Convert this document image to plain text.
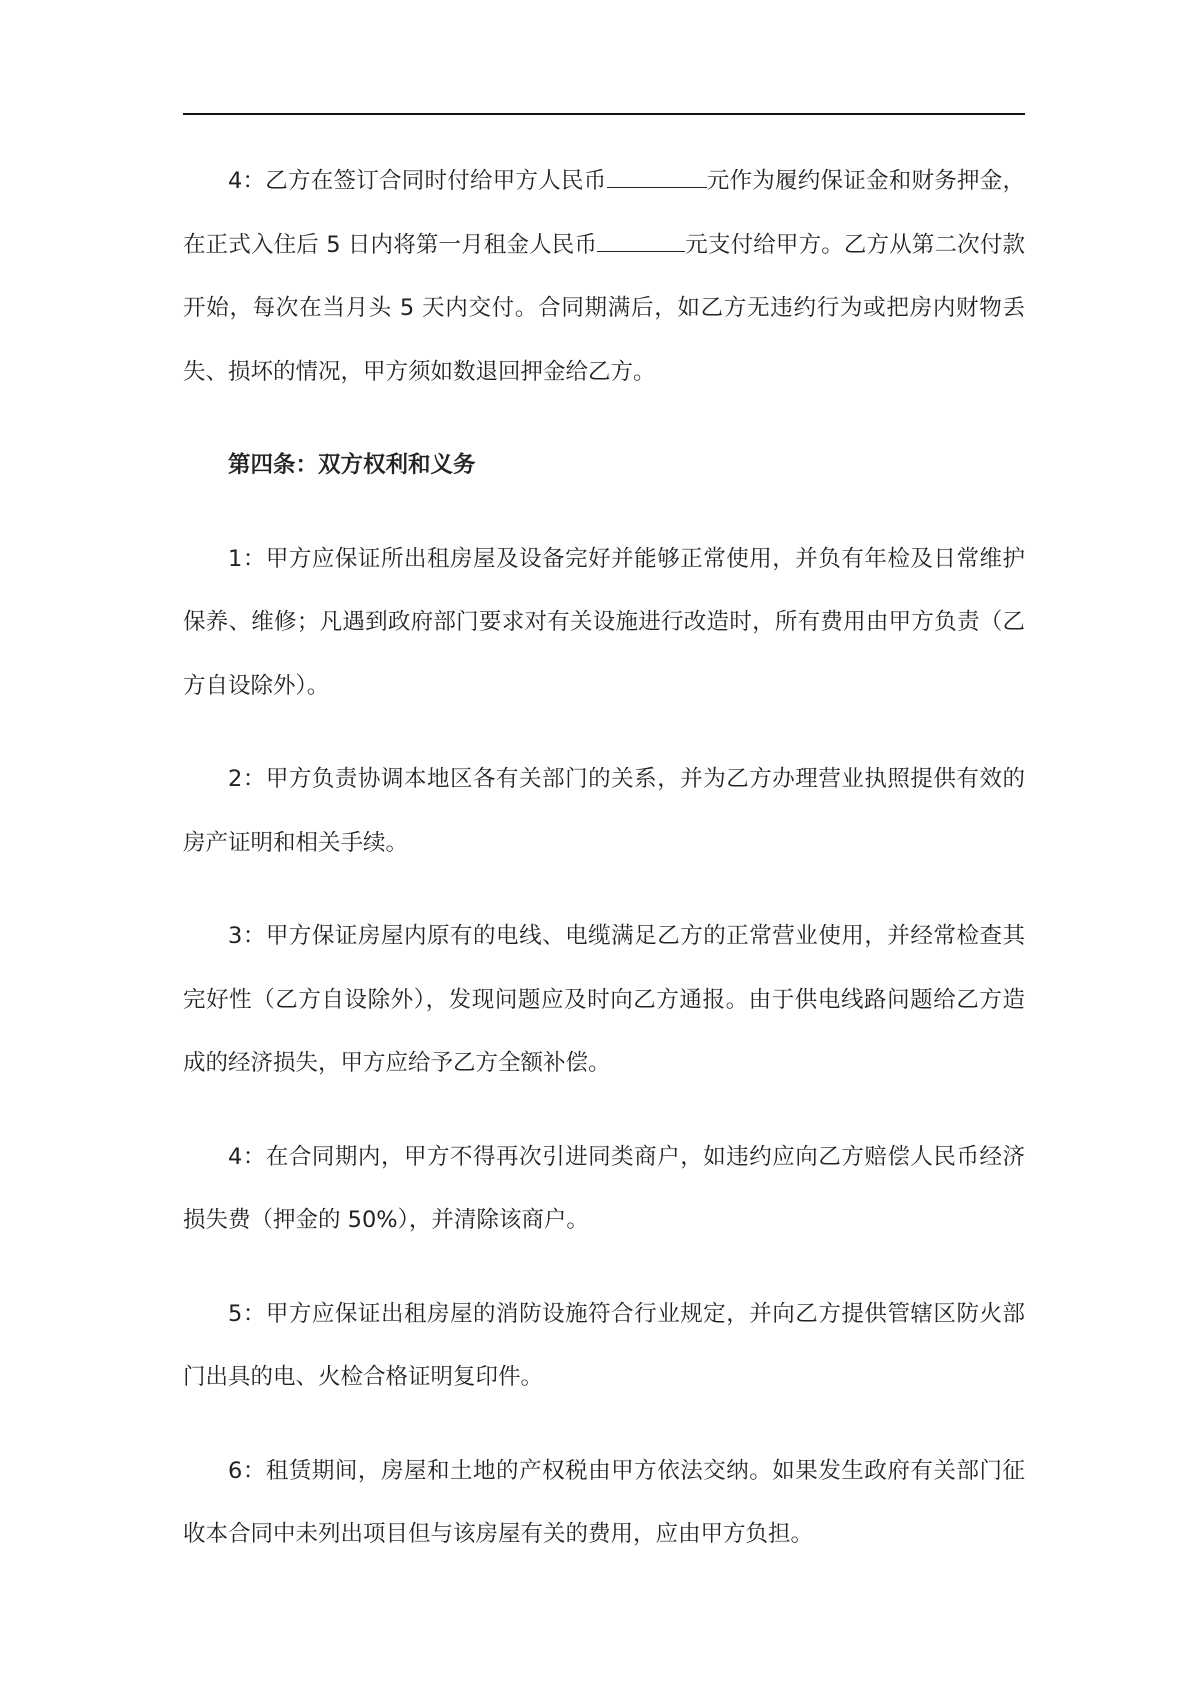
4：乙方在签订合同时付给甲方人民币	元作为履约保证金和财务押金，在正式入住后 5 日内将第一月租金人民币	元支付给甲方。乙方从第二次付款开始，每次在当月头 5 天内交付。合同期满后，如乙方无违约行为或把房内财物丢失、损坏的情况，甲方须如数退回押金给乙方。

第四条：双方权利和义务

1：甲方应保证所出租房屋及设备完好并能够正常使用，并负有年检及日常维护保养、维修；凡遇到政府部门要求对有关设施进行改造时，所有费用由甲方负责（乙方自设除外）。

2：甲方负责协调本地区各有关部门的关系，并为乙方办理营业执照提供有效的房产证明和相关手续。

3：甲方保证房屋内原有的电线、电缆满足乙方的正常营业使用，并经常检查其完好性（乙方自设除外），发现问题应及时向乙方通报。由于供电线路问题给乙方造成的经济损失，甲方应给予乙方全额补偿。

4：在合同期内，甲方不得再次引进同类商户，如违约应向乙方赔偿人民币经济损失费（押金的 50%），并清除该商户。

5：甲方应保证出租房屋的消防设施符合行业规定，并向乙方提供管辖区防火部门出具的电、火检合格证明复印件。

6：租赁期间，房屋和土地的产权税由甲方依法交纳。如果发生政府有关部门征收本合同中未列出项目但与该房屋有关的费用，应由甲方负担。
